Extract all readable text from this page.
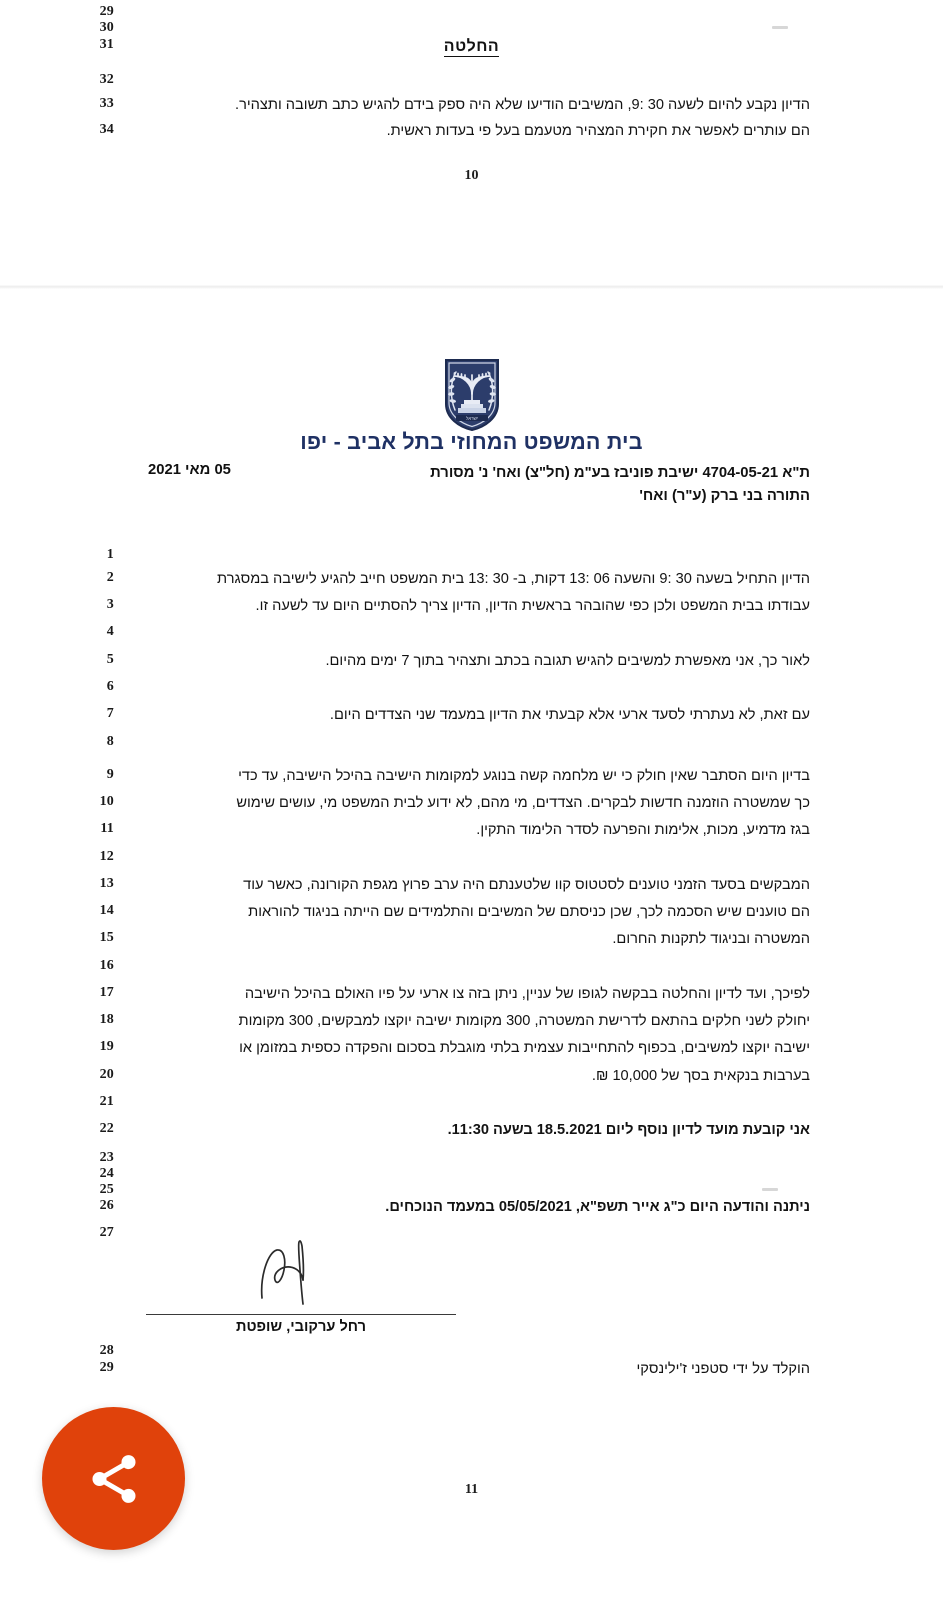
29
30
31
32
33	הדיון נקבע להיום לשעה 30 :9, המשיבים הודיעו שלא היה ספק בידם להגיש כתב תשובה ותצהיר.
34	הם עותרים לאפשר את חקירת המצהיר מטעמם בעל פי בעדות ראשית.
החלטה
10
ישראל
בית המשפט המחוזי בתל אביב - יפו
ת"א 4704-05-21 ישיבת פוניבז בע"מ (חל"צ) ואח' נ' מסורת
התורה בני ברק (ע"ר) ואח'
05 מאי 2021
1
2	הדיון התחיל בשעה 30 :9 והשעה 06 :13 דקות, ב- 30 :13 בית המשפט חייב להגיע לישיבה במסגרת
3	עבודתו בבית המשפט ולכן כפי שהובהר בראשית הדיון, הדיון צריך להסתיים היום עד לשעה זו.
4
5	לאור כך, אני מאפשרת למשיבים להגיש תגובה בכתב ותצהיר בתוך 7 ימים מהיום.
6
7	עם זאת, לא נעתרתי לסעד ארעי אלא קבעתי את הדיון במעמד שני הצדדים היום.
8
9	בדיון היום הסתבר שאין חולק כי יש מלחמה קשה בנוגע למקומות הישיבה בהיכל הישיבה, עד כדי
10	כך שמשטרה הוזמנה חדשות לבקרים. הצדדים, מי מהם, לא ידוע לבית המשפט מי, עושים שימוש
11	בגז מדמיע, מכות, אלימות והפרעה לסדר הלימוד התקין.
12
13	המבקשים בסעד הזמני טוענים לסטטוס קוו שלטענתם היה ערב פרוץ מגפת הקורונה, כאשר עוד
14	הם טוענים שיש הסכמה לכך, שכן כניסתם של המשיבים והתלמידים שם הייתה בניגוד להוראות
15	המשטרה ובניגוד לתקנות החרום.
16
17	לפיכך, ועד לדיון והחלטה בבקשה לגופו של עניין, ניתן בזה צו ארעי על פיו האולם בהיכל הישיבה
18	יחולק לשני חלקים בהתאם לדרישת המשטרה, 300 מקומות ישיבה יוקצו למבקשים, 300 מקומות
19	ישיבה יוקצו למשיבים, בכפוף להתחייבות עצמית בלתי מוגבלת בסכום והפקדה כספית במזומן או
20	בערבות בנקאית בסך של 10,000 ₪.
21
22	אני קובעת מועד לדיון נוסף ליום 18.5.2021 בשעה 11:30.
23
24
25
26	ניתנה והודעה היום כ"ג אייר תשפ"א, 05/05/2021 במעמד הנוכחים.
27
28
29	הוקלד על ידי סטפני ז'ילינסקי
רחל ערקובי, שופטת
11
